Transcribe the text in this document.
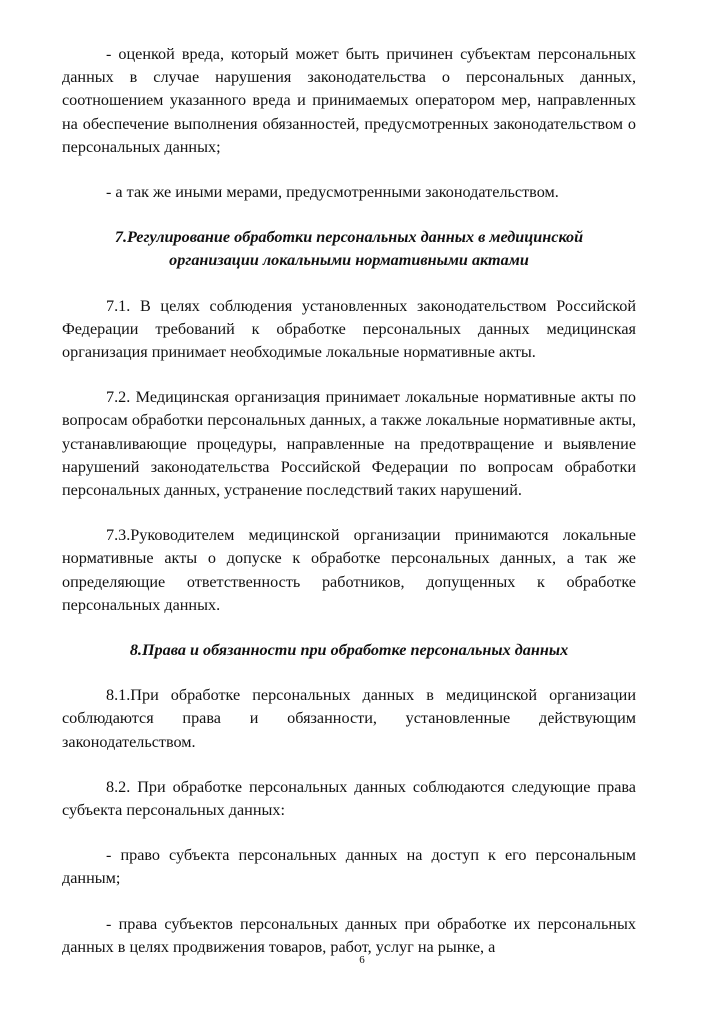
- оценкой вреда, который может быть причинен субъектам персональных данных в случае нарушения законодательства о персональных данных, соотношением указанного вреда и принимаемых оператором мер, направленных на обеспечение выполнения обязанностей, предусмотренных законодательством о персональных данных;

- а так же иными мерами, предусмотренными законодательством.

7.Регулирование обработки персональных данных в медицинской
организации локальными нормативными актами

7.1. В целях соблюдения установленных законодательством Российской Федерации требований к обработке персональных данных медицинская организация принимает необходимые локальные нормативные акты.

7.2. Медицинская организация принимает локальные нормативные акты по вопросам обработки персональных данных, а также локальные нормативные акты, устанавливающие процедуры, направленные на предотвращение и выявление нарушений законодательства Российской Федерации по вопросам обработки персональных данных, устранение последствий таких нарушений.

7.3.Руководителем медицинской организации принимаются локальные нормативные акты о допуске к обработке персональных данных, а так же определяющие ответственность работников, допущенных к обработке персональных данных.

8.Права и обязанности при обработке персональных данных

8.1.При обработке персональных данных в медицинской организации соблюдаются права и обязанности, установленные действующим законодательством.

8.2. При обработке персональных данных соблюдаются следующие права субъекта персональных данных:

- право субъекта персональных данных на доступ к его персональным данным;

- права субъектов персональных данных при обработке их персональных данных в целях продвижения товаров, работ, услуг на рынке, а

6
